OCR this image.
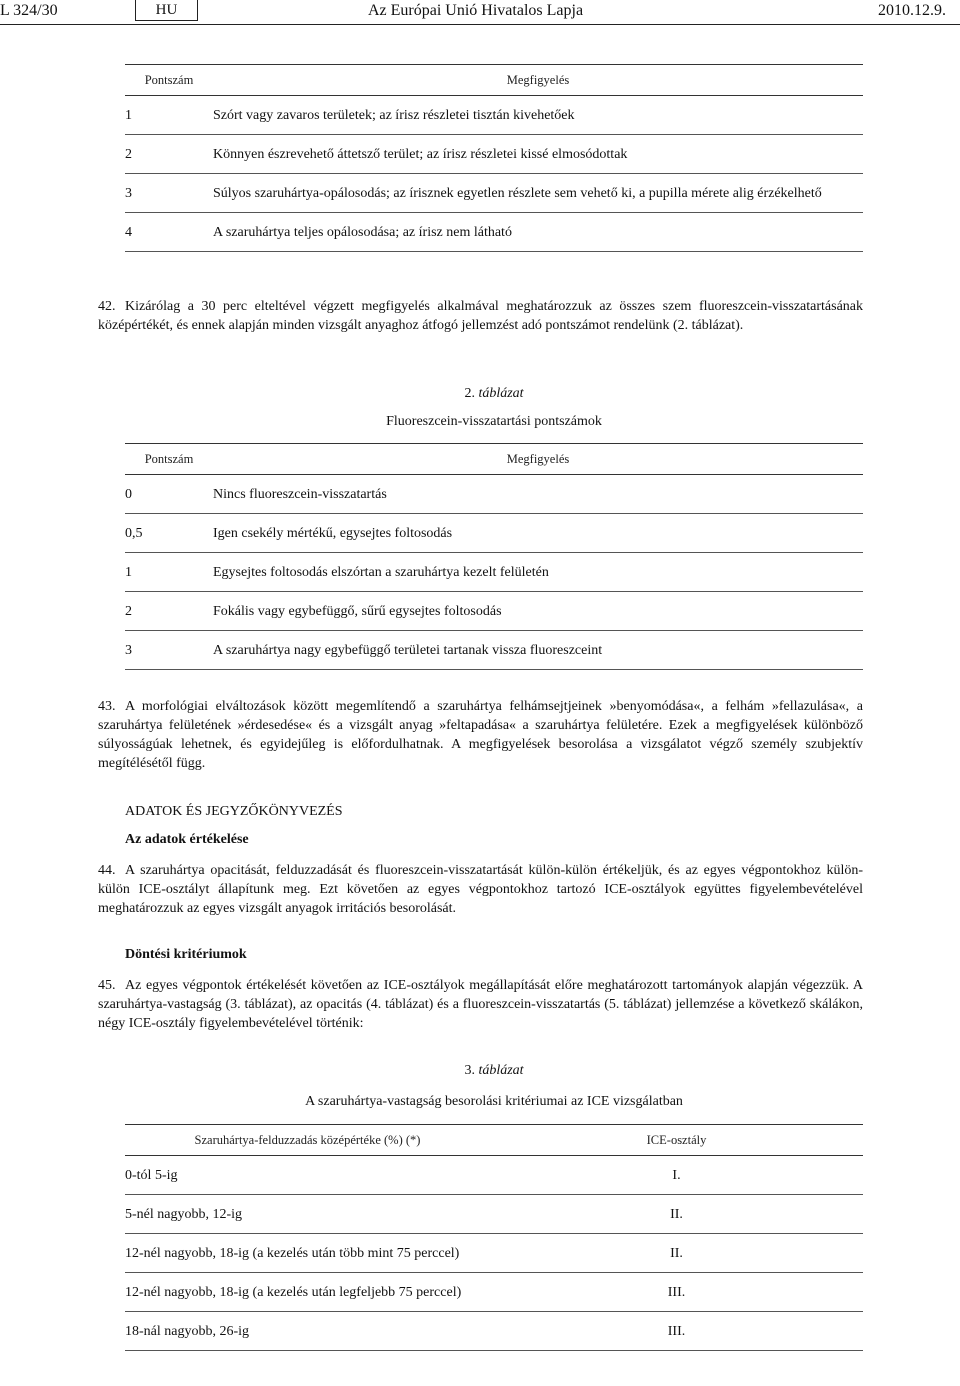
L 324/30	HU	Az Európai Unió Hivatalos Lapja	2010.12.9.
Pontszám	Megfigyelés
1	Szórt vagy zavaros területek; az írisz részletei tisztán kivehetőek
2	Könnyen észrevehető áttetsző terület; az írisz részletei kissé elmosódottak
3	Súlyos szaruhártya-opálosodás; az írisznek egyetlen részlete sem vehető ki, a pupilla mérete alig érzékelhető
4	A szaruhártya teljes opálosodása; az írisz nem látható
42. Kizárólag a 30 perc elteltével végzett megfigyelés alkalmával meghatározzuk az összes szem fluoreszcein-visszatartásának középértékét, és ennek alapján minden vizsgált anyaghoz átfogó jellemzést adó pontszámot rendelünk (2. táblázat).
2. táblázat
Fluoreszcein-visszatartási pontszámok
Pontszám	Megfigyelés
0	Nincs fluoreszcein-visszatartás
0,5	Igen csekély mértékű, egysejtes foltosodás
1	Egysejtes foltosodás elszórtan a szaruhártya kezelt felületén
2	Fokális vagy egybefüggő, sűrű egysejtes foltosodás
3	A szaruhártya nagy egybefüggő területei tartanak vissza fluoreszceint
43. A morfológiai elváltozások között megemlítendő a szaruhártya felhámsejtjeinek »benyomódása«, a felhám »fellazulása«, a szaruhártya felületének »érdesedése« és a vizsgált anyag »feltapadása« a szaruhártya felületére. Ezek a megfigyelések különböző súlyosságúak lehetnek, és egyidejűleg is előfordulhatnak. A megfigyelések besorolása a vizsgálatot végző személy szubjektív megítélésétől függ.
ADATOK ÉS JEGYZŐKÖNYVEZÉS
Az adatok értékelése
44. A szaruhártya opacitását, felduzzadását és fluoreszcein-visszatartását külön-külön értékeljük, és az egyes végpontokhoz külön-külön ICE-osztályt állapítunk meg. Ezt követően az egyes végpontokhoz tartozó ICE-osztályok együttes figyelembevételével meghatározzuk az egyes vizsgált anyagok irritációs besorolását.
Döntési kritériumok
45. Az egyes végpontok értékelését követően az ICE-osztályok megállapítását előre meghatározott tartományok alapján végezzük. A szaruhártya-vastagság (3. táblázat), az opacitás (4. táblázat) és a fluoreszcein-visszatartás (5. táblázat) jellemzése a következő skálákon, négy ICE-osztály figyelembevételével történik:
3. táblázat
A szaruhártya-vastagság besorolási kritériumai az ICE vizsgálatban
Szaruhártya-felduzzadás középértéke (%) (*)	ICE-osztály
0-tól 5-ig	I.
5-nél nagyobb, 12-ig	II.
12-nél nagyobb, 18-ig (a kezelés után több mint 75 perccel)	II.
12-nél nagyobb, 18-ig (a kezelés után legfeljebb 75 perccel)	III.
18-nál nagyobb, 26-ig	III.
